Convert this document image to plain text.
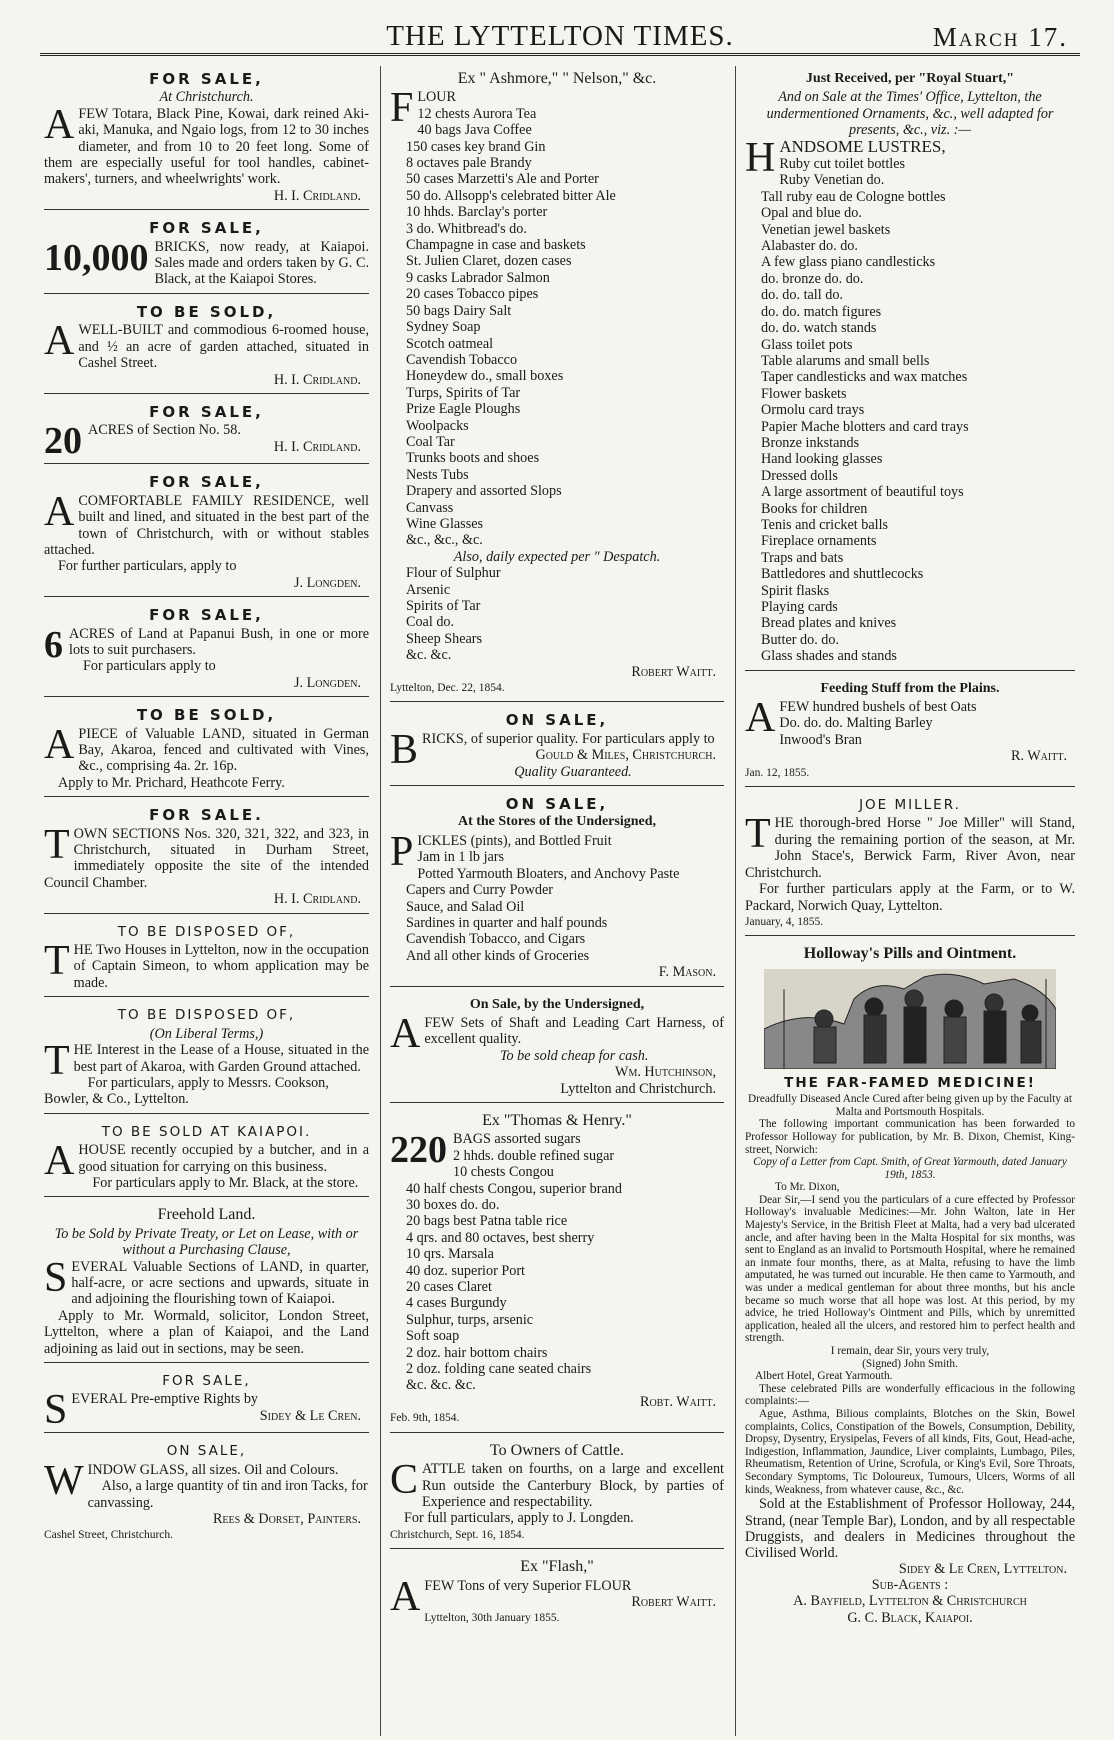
THE LYTTELTON TIMES.	March 17.
FOR SALE,
At Christchurch.
AFEW Totara, Black Pine, Kowai, dark reined Aki-aki, Manuka, and Ngaio logs, from 12 to 30 inches diameter, and from 10 to 20 feet long. Some of them are especially useful for tool handles, cabinet-makers', turners, and wheelwrights' work.
H. I. Cridland.
FOR SALE,
10,000 BRICKS, now ready, at Kaiapoi. Sales made and orders taken by G. C. Black, at the Kaiapoi Stores.
TO BE SOLD,
AWELL-BUILT and commodious 6-roomed house, and ½ an acre of garden attached, situated in Cashel Street.
H. I. Cridland.
FOR SALE,
20 ACRES of Section No. 58.
H. I. Cridland.
FOR SALE,
ACOMFORTABLE FAMILY RESIDENCE, well built and lined, and situated in the best part of the town of Christchurch, with or without stables attached.
For further particulars, apply to
J. Longden.
FOR SALE,
6 ACRES of Land at Papanui Bush, in one or more lots to suit purchasers.
For particulars apply to
J. Longden.
TO BE SOLD,
APIECE of Valuable LAND, situated in German Bay, Akaroa, fenced and cultivated with Vines, &c., comprising 4a. 2r. 16p.
Apply to Mr. Prichard, Heathcote Ferry.
FOR SALE.
TOWN SECTIONS Nos. 320, 321, 322, and 323, in Christchurch, situated in Durham Street, immediately opposite the site of the intended Council Chamber.
H. I. Cridland.
TO BE DISPOSED OF,
THE Two Houses in Lyttelton, now in the occupation of Captain Simeon, to whom application may be made.
TO BE DISPOSED OF,
(On Liberal Terms,)
THE Interest in the Lease of a House, situated in the best part of Akaroa, with Garden Ground attached.
For particulars, apply to Messrs. Cookson, Bowler, & Co., Lyttelton.
TO BE SOLD AT KAIAPOI.
AHOUSE recently occupied by a butcher, and in a good situation for carrying on this business.
For particulars apply to Mr. Black, at the store.
Freehold Land.
To be Sold by Private Treaty, or Let on Lease, with or without a Purchasing Clause,
SEVERAL Valuable Sections of LAND, in quarter, half-acre, or acre sections and upwards, situate in and adjoining the flourishing town of Kaiapoi.
Apply to Mr. Wormald, solicitor, London Street, Lyttelton, where a plan of Kaiapoi, and the Land adjoining as laid out in sections, may be seen.
FOR SALE,
SEVERAL Pre-emptive Rights by
Sidey & Le Cren.
ON SALE,
WINDOW GLASS, all sizes. Oil and Colours.
Also, a large quantity of tin and iron Tacks, for canvassing.
Rees & Dorset, Painters.
Cashel Street, Christchurch.
Ex " Ashmore," " Nelson," &c.
FLOUR
12 chests Aurora Tea
40 bags Java Coffee
150 cases key brand Gin
8 octaves pale Brandy
50 cases Marzetti's Ale and Porter
50 do. Allsopp's celebrated bitter Ale
10 hhds. Barclay's porter
3 do. Whitbread's do.
Champagne in case and baskets
St. Julien Claret, dozen cases
9 casks Labrador Salmon
20 cases Tobacco pipes
50 bags Dairy Salt
Sydney Soap
Scotch oatmeal
Cavendish Tobacco
Honeydew do., small boxes
Turps, Spirits of Tar
Prize Eagle Ploughs
Woolpacks
Coal Tar
Trunks boots and shoes
Nests Tubs
Drapery and assorted Slops
Canvass
Wine Glasses
&c., &c., &c.
Also, daily expected per " Despatch.
Flour of Sulphur
Arsenic
Spirits of Tar
Coal do.
Sheep Shears
&c. &c.
Robert Waitt.
Lyttelton, Dec. 22, 1854.
ON SALE,
BRICKS, of superior quality. For particulars apply to
Gould & Miles, Christchurch.
Quality Guaranteed.
ON SALE,
At the Stores of the Undersigned,
PICKLES (pints), and Bottled Fruit
Jam in 1 lb jars
Potted Yarmouth Bloaters, and Anchovy Paste
Capers and Curry Powder
Sauce, and Salad Oil
Sardines in quarter and half pounds
Cavendish Tobacco, and Cigars
And all other kinds of Groceries
F. Mason.
On Sale, by the Undersigned,
AFEW Sets of Shaft and Leading Cart Harness, of excellent quality.
To be sold cheap for cash.
Wm. Hutchinson,
Lyttelton and Christchurch.
Ex "Thomas & Henry."
220 BAGS assorted sugars
2 hhds. double refined sugar
10 chests Congou
40 half chests Congou, superior brand
30 boxes do. do.
20 bags best Patna table rice
4 qrs. and 80 octaves, best sherry
10 qrs. Marsala
40 doz. superior Port
20 cases Claret
4 cases Burgundy
Sulphur, turps, arsenic
Soft soap
2 doz. hair bottom chairs
2 doz. folding cane seated chairs
&c. &c. &c.
Robt. Waitt.
Feb. 9th, 1854.
To Owners of Cattle.
CATTLE taken on fourths, on a large and excellent Run outside the Canterbury Block, by parties of Experience and respectability.
For full particulars, apply to J. Longden.
Christchurch, Sept. 16, 1854.
Ex "Flash,"
AFEW Tons of very Superior FLOUR
Robert Waitt.
Lyttelton, 30th January 1855.
Just Received, per "Royal Stuart,"
And on Sale at the Times' Office, Lyttelton, the undermentioned Ornaments, &c., well adapted for presents, &c., viz. :—
HANDSOME LUSTRES,
Ruby cut toilet bottles
Ruby Venetian do.
Tall ruby eau de Cologne bottles
Opal and blue do.
Venetian jewel baskets
Alabaster do. do.
A few glass piano candlesticks
do. bronze do. do.
do. do. tall do.
do. do. match figures
do. do. watch stands
Glass toilet pots
Table alarums and small bells
Taper candlesticks and wax matches
Flower baskets
Ormolu card trays
Papier Mache blotters and card trays
Bronze inkstands
Hand looking glasses
Dressed dolls
A large assortment of beautiful toys
Books for children
Tenis and cricket balls
Fireplace ornaments
Traps and bats
Battledores and shuttlecocks
Spirit flasks
Playing cards
Bread plates and knives
Butter do. do.
Glass shades and stands
Feeding Stuff from the Plains.
AFEW hundred bushels of best Oats
Do. do. do. Malting Barley
Inwood's Bran
R. Waitt.
Jan. 12, 1855.
JOE MILLER.
THE thorough-bred Horse " Joe Miller" will Stand, during the remaining portion of the season, at Mr. John Stace's, Berwick Farm, River Avon, near Christchurch.
For further particulars apply at the Farm, or to W. Packard, Norwich Quay, Lyttelton.
January, 4, 1855.
Holloway's Pills and Ointment.
THE FAR-FAMED MEDICINE!
Dreadfully Diseased Ancle Cured after being given up by the Faculty at Malta and Portsmouth Hospitals.
The following important communication has been forwarded to Professor Holloway for publication, by Mr. B. Dixon, Chemist, King-street, Norwich:
Copy of a Letter from Capt. Smith, of Great Yarmouth, dated January 19th, 1853.
To Mr. Dixon,
Dear Sir,—I send you the particulars of a cure effected by Professor Holloway's invaluable Medicines:—Mr. John Walton, late in Her Majesty's Service, in the British Fleet at Malta, had a very bad ulcerated ancle, and after having been in the Malta Hospital for six months, was sent to England as an invalid to Portsmouth Hospital, where he remained an inmate four months, there, as at Malta, refusing to have the limb amputated, he was turned out incurable. He then came to Yarmouth, and was under a medical gentleman for about three months, but his ancle became so much worse that all hope was lost. At this period, by my advice, he tried Holloway's Ointment and Pills, which by unremitted application, healed all the ulcers, and restored him to perfect health and strength.
I remain, dear Sir, yours very truly,
(Signed) John Smith.
Albert Hotel, Great Yarmouth.
These celebrated Pills are wonderfully efficacious in the following complaints:—
Ague, Asthma, Bilious complaints, Blotches on the Skin, Bowel complaints, Colics, Constipation of the Bowels, Consumption, Debility, Dropsy, Dysentry, Erysipelas, Fevers of all kinds, Fits, Gout, Head-ache, Indigestion, Inflammation, Jaundice, Liver complaints, Lumbago, Piles, Rheumatism, Retention of Urine, Scrofula, or King's Evil, Sore Throats, Secondary Symptoms, Tic Doloureux, Tumours, Ulcers, Worms of all kinds, Weakness, from whatever cause, &c., &c.
Sold at the Establishment of Professor Holloway, 244, Strand, (near Temple Bar), London, and by all respectable Druggists, and dealers in Medicines throughout the Civilised World.
Sidey & Le Cren, Lyttelton.
Sub-Agents :
A. Bayfield, Lyttelton & Christchurch
G. C. Black, Kaiapoi.
